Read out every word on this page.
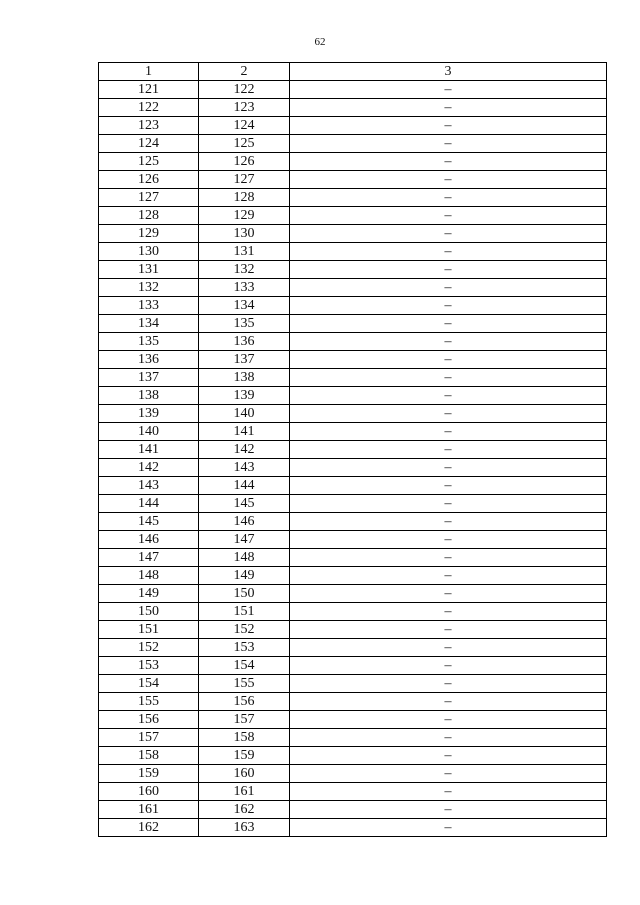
62
1	2	3
121	122	–
122	123	–
123	124	–
124	125	–
125	126	–
126	127	–
127	128	–
128	129	–
129	130	–
130	131	–
131	132	–
132	133	–
133	134	–
134	135	–
135	136	–
136	137	–
137	138	–
138	139	–
139	140	–
140	141	–
141	142	–
142	143	–
143	144	–
144	145	–
145	146	–
146	147	–
147	148	–
148	149	–
149	150	–
150	151	–
151	152	–
152	153	–
153	154	–
154	155	–
155	156	–
156	157	–
157	158	–
158	159	–
159	160	–
160	161	–
161	162	–
162	163	–
